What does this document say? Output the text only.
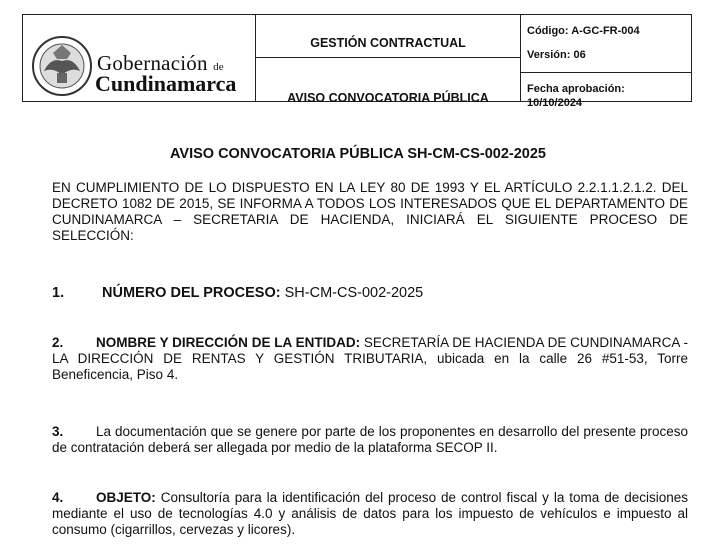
Gobernación de
Cundinamarca
GESTIÓN CONTRACTUAL
AVISO CONVOCATORIA PÚBLICA
Código: A-GC-FR-004
Versión: 06
Fecha aprobación:
10/10/2024
AVISO CONVOCATORIA PÚBLICA SH-CM-CS-002-2025
EN CUMPLIMIENTO DE LO DISPUESTO EN LA LEY 80 DE 1993 Y EL ARTÍCULO 2.2.1.1.2.1.2. DEL DECRETO 1082 DE 2015, SE INFORMA A TODOS LOS INTERESADOS QUE EL DEPARTAMENTO DE CUNDINAMARCA – SECRETARIA DE HACIENDA, INICIARÁ EL SIGUIENTE PROCESO DE SELECCIÓN:
1.	NÚMERO DEL PROCESO: SH-CM-CS-002-2025
2. NOMBRE Y DIRECCIÓN DE LA ENTIDAD: SECRETARÍA DE HACIENDA DE CUNDINAMARCA - LA DIRECCIÓN DE RENTAS Y GESTIÓN TRIBUTARIA, ubicada en la calle 26 #51-53, Torre Beneficencia, Piso 4.
3. La documentación que se genere por parte de los proponentes en desarrollo del presente proceso de contratación deberá ser allegada por medio de la plataforma SECOP II.
4. OBJETO: Consultoría para la identificación del proceso de control fiscal y la toma de decisiones mediante el uso de tecnologías 4.0 y análisis de datos para los impuesto de vehículos e impuesto al consumo (cigarrillos, cervezas y licores).
